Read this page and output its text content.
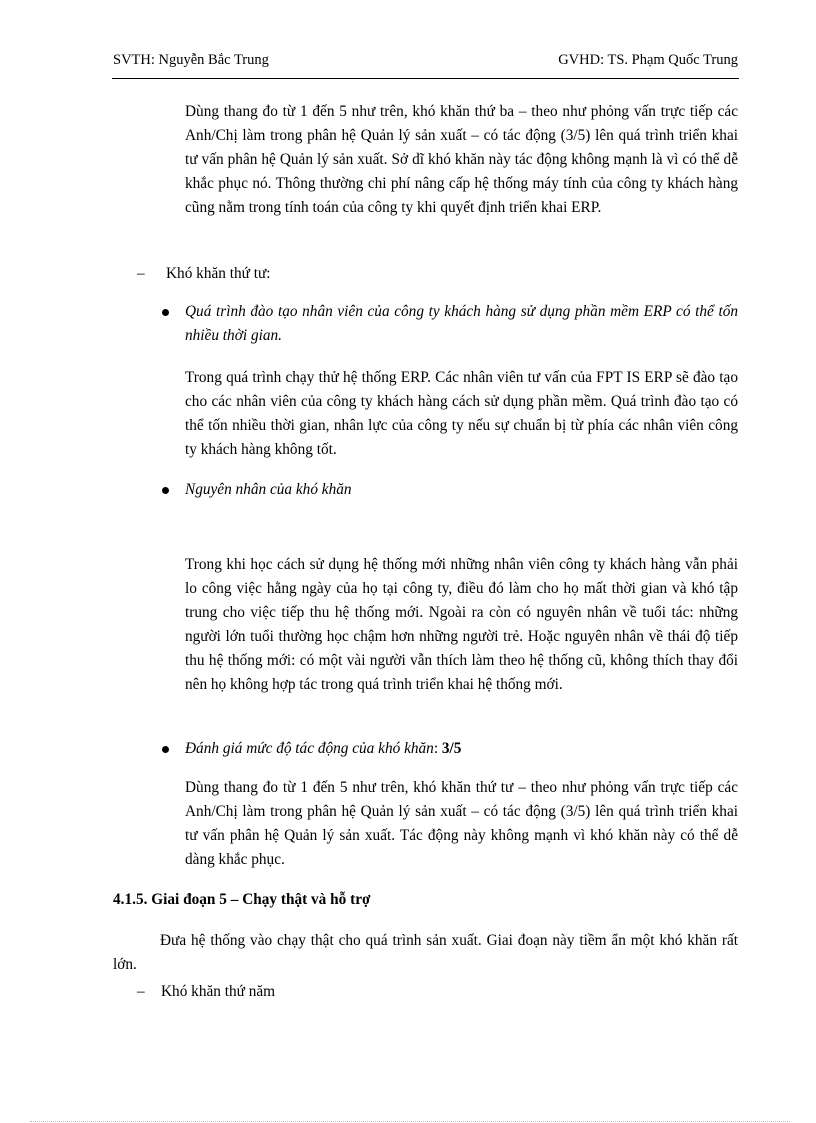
SVTH: Nguyễn Bắc Trung	GVHD: TS. Phạm Quốc Trung

Dùng thang đo từ 1 đến 5 như trên, khó khăn thứ ba – theo như phỏng vấn trực tiếp các Anh/Chị làm trong phân hệ Quản lý sản xuất – có tác động (3/5) lên quá trình triển khai tư vấn phân hệ Quản lý sản xuất. Sở dĩ khó khăn này tác động không mạnh là vì có thể dễ khắc phục nó. Thông thường chi phí nâng cấp hệ thống máy tính của công ty khách hàng cũng nằm trong tính toán của công ty khi quyết định triển khai ERP.

– Khó khăn thứ tư:

Quá trình đào tạo nhân viên của công ty khách hàng sử dụng phần mềm ERP có thể tốn nhiều thời gian.

Trong quá trình chạy thử hệ thống ERP. Các nhân viên tư vấn của FPT IS ERP sẽ đào tạo cho các nhân viên của công ty khách hàng cách sử dụng phần mềm. Quá trình đào tạo có thể tốn nhiều thời gian, nhân lực của công ty nếu sự chuẩn bị từ phía các nhân viên công ty khách hàng không tốt.

Nguyên nhân của khó khăn

Trong khi học cách sử dụng hệ thống mới những nhân viên công ty khách hàng vẫn phải lo công việc hằng ngày của họ tại công ty, điều đó làm cho họ mất thời gian và khó tập trung cho việc tiếp thu hệ thống mới. Ngoài ra còn có nguyên nhân về tuổi tác: những người lớn tuổi thường học chậm hơn những người trẻ. Hoặc nguyên nhân về thái độ tiếp thu hệ thống mới: có một vài người vẫn thích làm theo hệ thống cũ, không thích thay đổi nên họ không hợp tác trong quá trình triển khai hệ thống mới.

Đánh giá mức độ tác động của khó khăn: 3/5

Dùng thang đo từ 1 đến 5 như trên, khó khăn thứ tư – theo như phỏng vấn trực tiếp các Anh/Chị làm trong phân hệ Quản lý sản xuất – có tác động (3/5) lên quá trình triển khai tư vấn phân hệ Quản lý sản xuất. Tác động này không mạnh vì khó khăn này có thể dễ dàng khắc phục.

4.1.5. Giai đoạn 5 – Chạy thật và hỗ trợ

Đưa hệ thống vào chạy thật cho quá trình sản xuất. Giai đoạn này tiềm ẩn một khó khăn rất lớn.

– Khó khăn thứ năm
